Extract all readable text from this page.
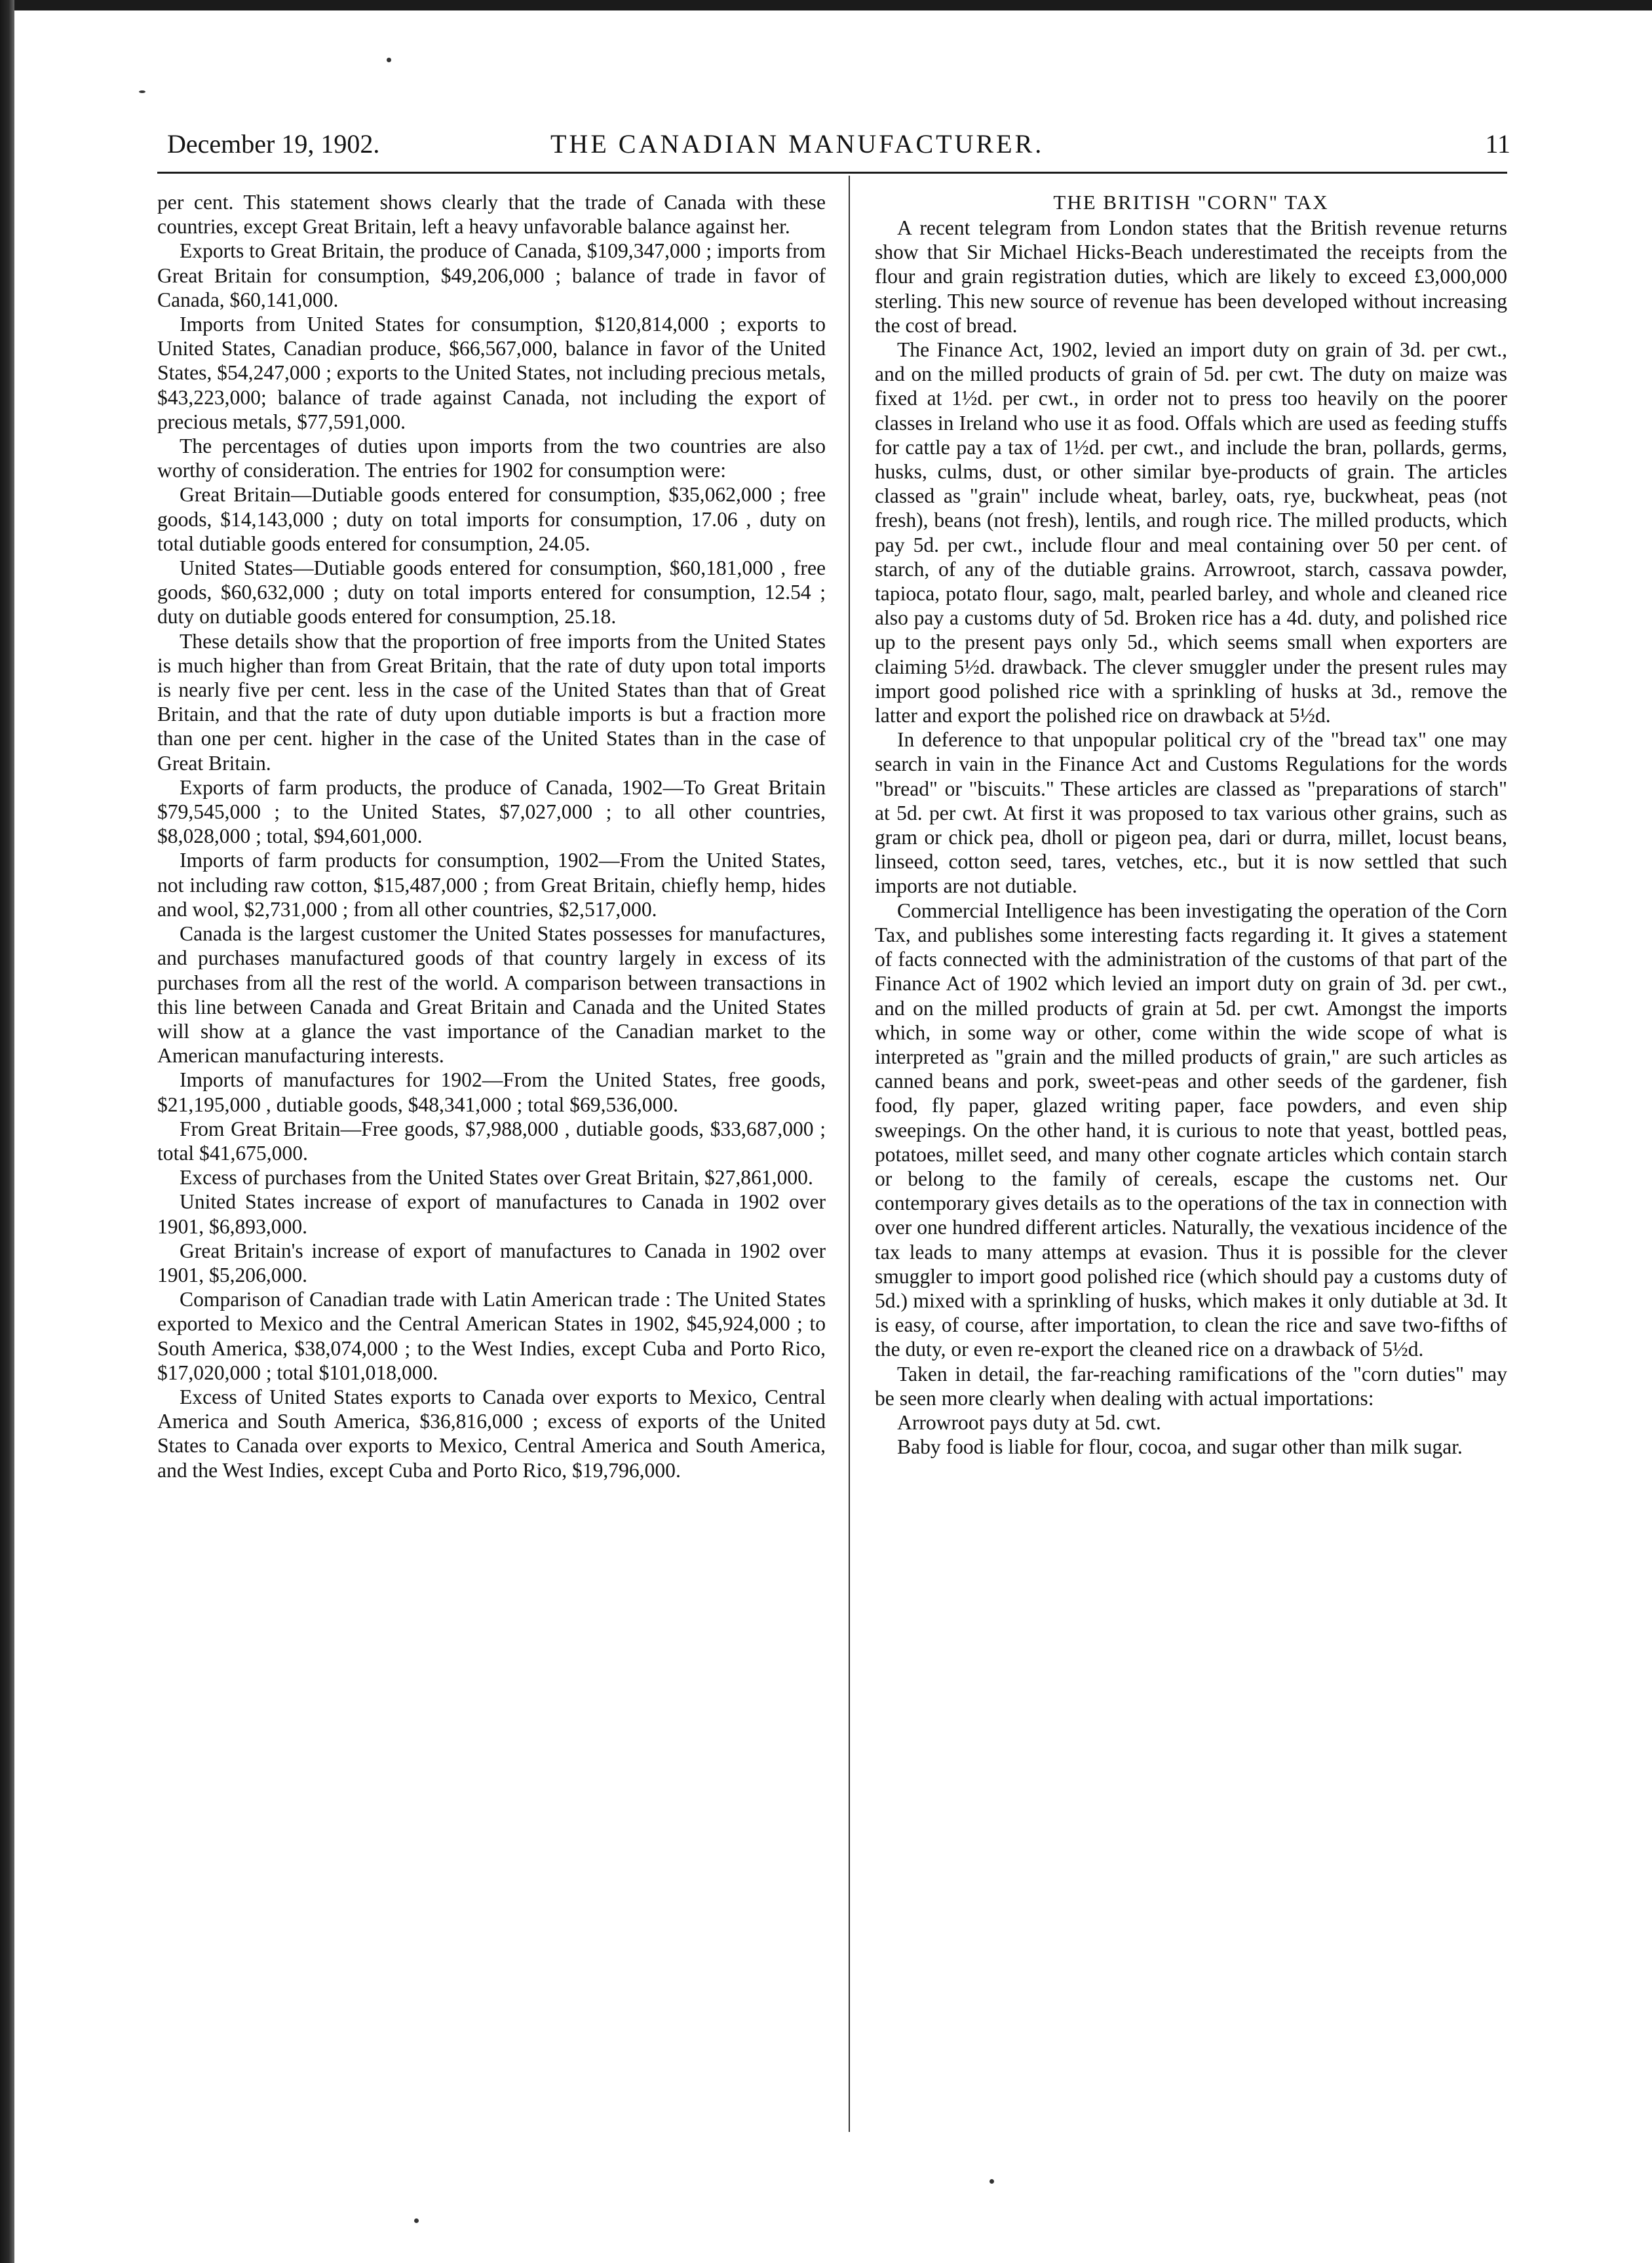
December 19, 1902.	THE CANADIAN MANUFACTURER.	11

per cent. This statement shows clearly that the trade of Canada with these countries, except Great Britain, left a heavy unfavorable balance against her.

Exports to Great Britain, the produce of Canada, $109,347,000 ; imports from Great Britain for consumption, $49,206,000 ; balance of trade in favor of Canada, $60,141,000.

Imports from United States for consumption, $120,814,000 ; exports to United States, Canadian produce, $66,567,000, balance in favor of the United States, $54,247,000 ; exports to the United States, not including precious metals, $43,223,000; balance of trade against Canada, not including the export of precious metals, $77,591,000.

The percentages of duties upon imports from the two countries are also worthy of consideration. The entries for 1902 for consumption were:

Great Britain—Dutiable goods entered for consumption, $35,062,000 ; free goods, $14,143,000 ; duty on total imports for consumption, 17.06 , duty on total dutiable goods entered for consumption, 24.05.

United States—Dutiable goods entered for consumption, $60,181,000 , free goods, $60,632,000 ; duty on total imports entered for consumption, 12.54 ; duty on dutiable goods entered for consumption, 25.18.

These details show that the proportion of free imports from the United States is much higher than from Great Britain, that the rate of duty upon total imports is nearly five per cent. less in the case of the United States than that of Great Britain, and that the rate of duty upon dutiable imports is but a fraction more than one per cent. higher in the case of the United States than in the case of Great Britain.

Exports of farm products, the produce of Canada, 1902—To Great Britain $79,545,000 ; to the United States, $7,027,000 ; to all other countries, $8,028,000 ; total, $94,601,000.

Imports of farm products for consumption, 1902—From the United States, not including raw cotton, $15,487,000 ; from Great Britain, chiefly hemp, hides and wool, $2,731,000 ; from all other countries, $2,517,000.

Canada is the largest customer the United States possesses for manufactures, and purchases manufactured goods of that country largely in excess of its purchases from all the rest of the world. A comparison between transactions in this line between Canada and Great Britain and Canada and the United States will show at a glance the vast importance of the Canadian market to the American manufacturing interests.

Imports of manufactures for 1902—From the United States, free goods, $21,195,000 , dutiable goods, $48,341,000 ; total $69,536,000.

From Great Britain—Free goods, $7,988,000 , dutiable goods, $33,687,000 ; total $41,675,000.

Excess of purchases from the United States over Great Britain, $27,861,000.

United States increase of export of manufactures to Canada in 1902 over 1901, $6,893,000.

Great Britain's increase of export of manufactures to Canada in 1902 over 1901, $5,206,000.

Comparison of Canadian trade with Latin American trade : The United States exported to Mexico and the Central American States in 1902, $45,924,000 ; to South America, $38,074,000 ; to the West Indies, except Cuba and Porto Rico, $17,020,000 ; total $101,018,000.

Excess of United States exports to Canada over exports to Mexico, Central America and South America, $36,816,000 ; excess of exports of the United States to Canada over exports to Mexico, Central America and South America, and the West Indies, except Cuba and Porto Rico, $19,796,000.

THE BRITISH "CORN" TAX

A recent telegram from London states that the British revenue returns show that Sir Michael Hicks-Beach underestimated the receipts from the flour and grain registration duties, which are likely to exceed £3,000,000 sterling. This new source of revenue has been developed without increasing the cost of bread.

The Finance Act, 1902, levied an import duty on grain of 3d. per cwt., and on the milled products of grain of 5d. per cwt. The duty on maize was fixed at 1½d. per cwt., in order not to press too heavily on the poorer classes in Ireland who use it as food. Offals which are used as feeding stuffs for cattle pay a tax of 1½d. per cwt., and include the bran, pollards, germs, husks, culms, dust, or other similar bye-products of grain. The articles classed as "grain" include wheat, barley, oats, rye, buckwheat, peas (not fresh), beans (not fresh), lentils, and rough rice. The milled products, which pay 5d. per cwt., include flour and meal containing over 50 per cent. of starch, of any of the dutiable grains. Arrowroot, starch, cassava powder, tapioca, potato flour, sago, malt, pearled barley, and whole and cleaned rice also pay a customs duty of 5d. Broken rice has a 4d. duty, and polished rice up to the present pays only 5d., which seems small when exporters are claiming 5½d. drawback. The clever smuggler under the present rules may import good polished rice with a sprinkling of husks at 3d., remove the latter and export the polished rice on drawback at 5½d.

In deference to that unpopular political cry of the "bread tax" one may search in vain in the Finance Act and Customs Regulations for the words "bread" or "biscuits." These articles are classed as "preparations of starch" at 5d. per cwt. At first it was proposed to tax various other grains, such as gram or chick pea, dholl or pigeon pea, dari or durra, millet, locust beans, linseed, cotton seed, tares, vetches, etc., but it is now settled that such imports are not dutiable.

Commercial Intelligence has been investigating the operation of the Corn Tax, and publishes some interesting facts regarding it. It gives a statement of facts connected with the administration of the customs of that part of the Finance Act of 1902 which levied an import duty on grain of 3d. per cwt., and on the milled products of grain at 5d. per cwt. Amongst the imports which, in some way or other, come within the wide scope of what is interpreted as "grain and the milled products of grain," are such articles as canned beans and pork, sweet-peas and other seeds of the gardener, fish food, fly paper, glazed writing paper, face powders, and even ship sweepings. On the other hand, it is curious to note that yeast, bottled peas, potatoes, millet seed, and many other cognate articles which contain starch or belong to the family of cereals, escape the customs net. Our contemporary gives details as to the operations of the tax in connection with over one hundred different articles. Naturally, the vexatious incidence of the tax leads to many attemps at evasion. Thus it is possible for the clever smuggler to import good polished rice (which should pay a customs duty of 5d.) mixed with a sprinkling of husks, which makes it only dutiable at 3d. It is easy, of course, after importation, to clean the rice and save two-fifths of the duty, or even re-export the cleaned rice on a drawback of 5½d.

Taken in detail, the far-reaching ramifications of the "corn duties" may be seen more clearly when dealing with actual importations:

Arrowroot pays duty at 5d. cwt.

Baby food is liable for flour, cocoa, and sugar other than milk sugar.
